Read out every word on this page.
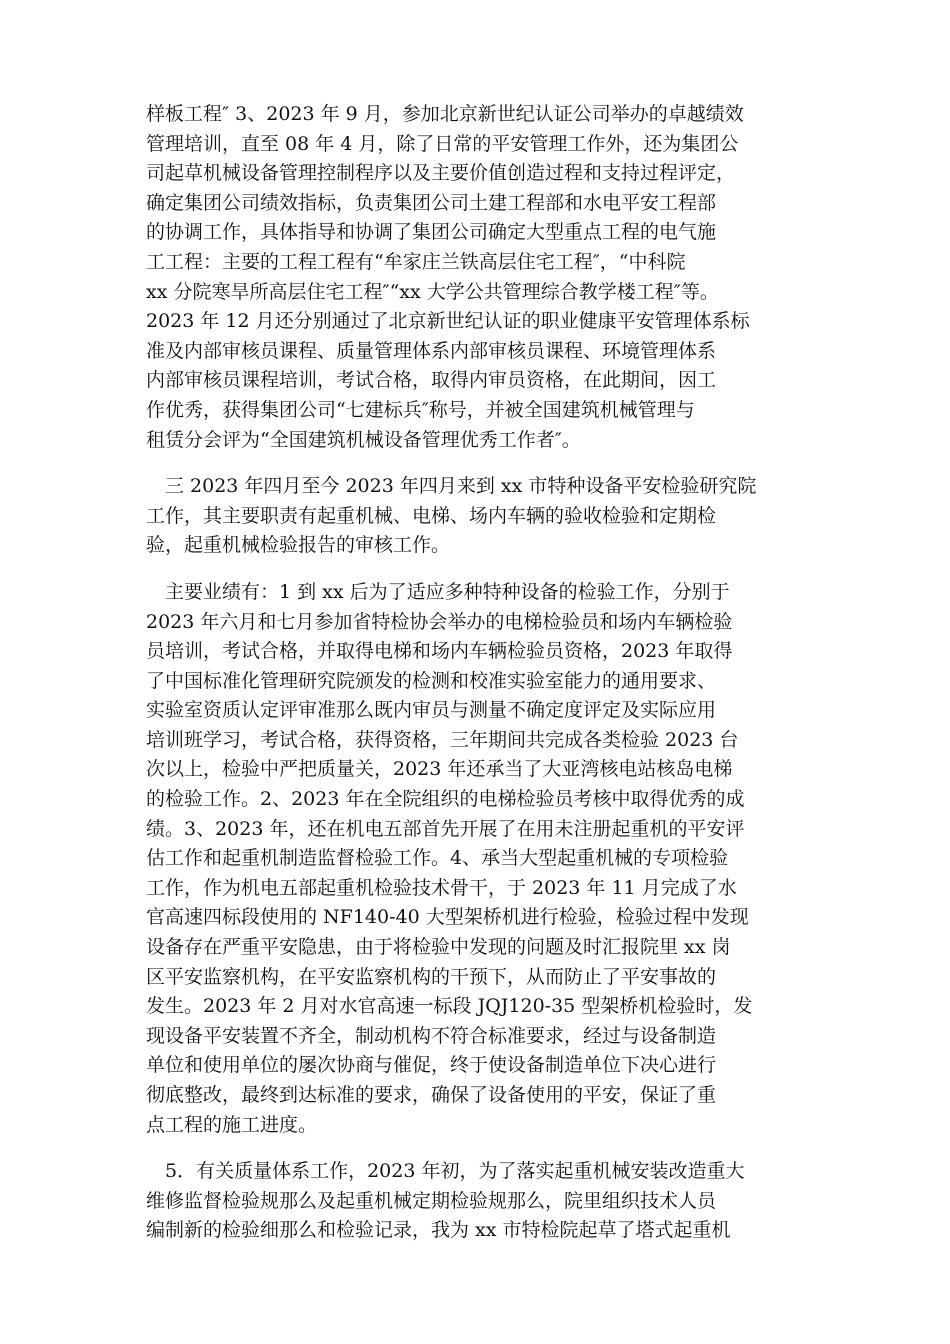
样板工程″ 3、2023 年 9 月，参加北京新世纪认证公司举办的卓越绩效
管理培训，直至 08 年 4 月，除了日常的平安管理工作外，还为集团公
司起草机械设备管理控制程序以及主要价值创造过程和支持过程评定，
确定集团公司绩效指标，负责集团公司土建工程部和水电平安工程部
的协调工作，具体指导和协调了集团公司确定大型重点工程的电气施
工工程：主要的工程工程有“牟家庄兰铁高层住宅工程″，“中科院
xx 分院寒旱所高层住宅工程″“xx 大学公共管理综合教学楼工程″等。
2023 年 12 月还分别通过了北京新世纪认证的职业健康平安管理体系标
准及内部审核员课程、质量管理体系内部审核员课程、环境管理体系
内部审核员课程培训，考试合格，取得内审员资格，在此期间，因工
作优秀，获得集团公司“七建标兵″称号，并被全国建筑机械管理与
租赁分会评为“全国建筑机械设备管理优秀工作者″。
三 2023 年四月至今 2023 年四月来到 xx 市特种设备平安检验研究院
工作，其主要职责有起重机械、电梯、场内车辆的验收检验和定期检
验，起重机械检验报告的审核工作。
主要业绩有：1 到 xx 后为了适应多种特种设备的检验工作，分别于
2023 年六月和七月参加省特检协会举办的电梯检验员和场内车辆检验
员培训，考试合格，并取得电梯和场内车辆检验员资格，2023 年取得
了中国标准化管理研究院颁发的检测和校准实验室能力的通用要求、
实验室资质认定评审准那么既内审员与测量不确定度评定及实际应用
培训班学习，考试合格，获得资格，三年期间共完成各类检验 2023 台
次以上，检验中严把质量关，2023 年还承当了大亚湾核电站核岛电梯
的检验工作。2、2023 年在全院组织的电梯检验员考核中取得优秀的成
绩。3、2023 年，还在机电五部首先开展了在用未注册起重机的平安评
估工作和起重机制造监督检验工作。4、承当大型起重机械的专项检验
工作，作为机电五部起重机检验技术骨干，于 2023 年 11 月完成了水
官高速四标段使用的 NF140-40 大型架桥机进行检验，检验过程中发现
设备存在严重平安隐患，由于将检验中发现的问题及时汇报院里 xx 岗
区平安监察机构，在平安监察机构的干预下，从而防止了平安事故的
发生。2023 年 2 月对水官高速一标段 JQJ120-35 型架桥机检验时，发
现设备平安装置不齐全，制动机构不符合标准要求，经过与设备制造
单位和使用单位的屡次协商与催促，终于使设备制造单位下决心进行
彻底整改，最终到达标准的要求，确保了设备使用的平安，保证了重
点工程的施工进度。
5．有关质量体系工作，2023 年初，为了落实起重机械安装改造重大
维修监督检验规那么及起重机械定期检验规那么，院里组织技术人员
编制新的检验细那么和检验记录，我为 xx 市特检院起草了塔式起重机
